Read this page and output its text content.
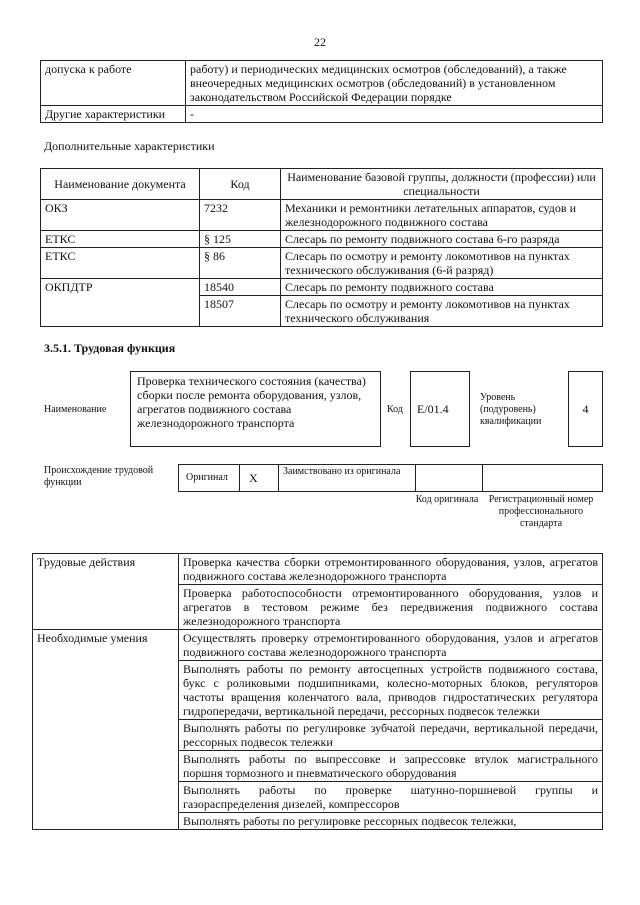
22
допуска к работе	работу) и периодических медицинских осмотров (обследований), а также внеочередных медицинских осмотров (обследований) в установленном законодательством Российской Федерации порядке
Другие характеристики	-
Дополнительные характеристики
Наименование документа	Код	Наименование базовой группы, должности (профессии) или специальности
ОКЗ	7232	Механики и ремонтники летательных аппаратов, судов и железнодорожного подвижного состава
ЕТКС	§ 125	Слесарь по ремонту подвижного состава 6-го разряда
ЕТКС	§ 86	Слесарь по осмотру и ремонту локомотивов на пунктах технического обслуживания (6-й разряд)
ОКПДТР	18540	Слесарь по ремонту подвижного состава
	18507	Слесарь по осмотру и ремонту локомотивов на пунктах технического обслуживания
3.5.1. Трудовая функция
Наименование
Проверка технического состояния (качества) сборки после ремонта оборудования, узлов, агрегатов подвижного состава железнодорожного транспорта
Код	E/01.4
Уровень (подуровень) квалификации
4
Происхождение трудовой функции	Оригинал X	Заимствовано из оригинала
Код оригинала Регистрационный номер профессионального стандарта
Трудовые действия	Проверка качества сборки отремонтированного оборудования, узлов, агрегатов подвижного состава железнодорожного транспорта
	Проверка работоспособности отремонтированного оборудования, узлов и агрегатов в тестовом режиме без передвижения подвижного состава железнодорожного транспорта
Необходимые умения	Осуществлять проверку отремонтированного оборудования, узлов и агрегатов подвижного состава железнодорожного транспорта
	Выполнять работы по ремонту автосцепных устройств подвижного состава, букс с роликовыми подшипниками, колесно-моторных блоков, регуляторов частоты вращения коленчатого вала, приводов гидростатических регулятора гидропередачи, вертикальной передачи, рессорных подвесок тележки
	Выполнять работы по регулировке зубчатой передачи, вертикальной передачи, рессорных подвесок тележки
	Выполнять работы по выпрессовке и запрессовке втулок магистрального поршня тормозного и пневматического оборудования
	Выполнять работы по проверке шатунно-поршневой группы и газораспределения дизелей, компрессоров
	Выполнять работы по регулировке рессорных подвесок тележки,
